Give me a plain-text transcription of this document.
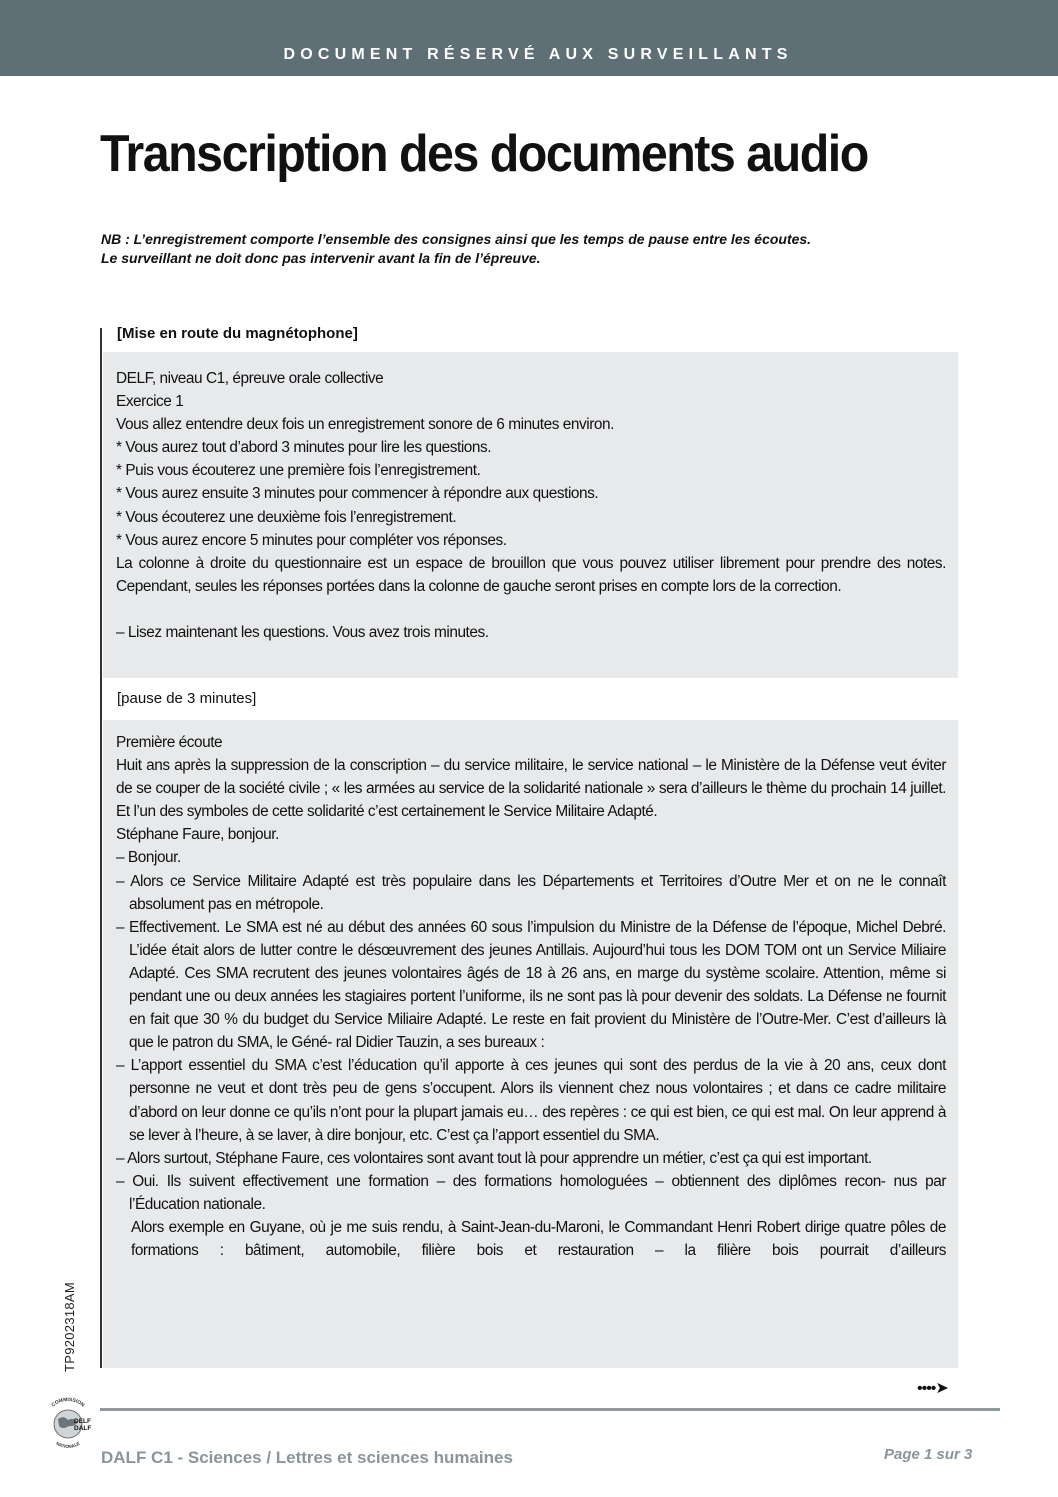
DOCUMENT RÉSERVÉ AUX SURVEILLANTS
Transcription des documents audio
NB : L’enregistrement comporte l’ensemble des consignes ainsi que les temps de pause entre les écoutes.
Le surveillant ne doit donc pas intervenir avant la fin de l’épreuve.
[Mise en route du magnétophone]
DELF, niveau C1, épreuve orale collective
Exercice 1
Vous allez entendre deux fois un enregistrement sonore de 6 minutes environ.
* Vous aurez tout d’abord 3 minutes pour lire les questions.
* Puis vous écouterez une première fois l’enregistrement.
* Vous aurez ensuite 3 minutes pour commencer à répondre aux questions.
* Vous écouterez une deuxième fois l’enregistrement.
* Vous aurez encore 5 minutes pour compléter vos réponses.
La colonne à droite du questionnaire est un espace de brouillon que vous pouvez utiliser librement pour prendre des notes. Cependant, seules les réponses portées dans la colonne de gauche seront prises en compte lors de la correction.
– Lisez maintenant les questions. Vous avez trois minutes.
[pause de 3 minutes]
Première écoute
Huit ans après la suppression de la conscription – du service militaire, le service national – le Ministère de la Défense veut éviter de se couper de la société civile ; « les armées au service de la solidarité nationale » sera d’ailleurs le thème du prochain 14 juillet. Et l’un des symboles de cette solidarité c’est certainement le Service Militaire Adapté.
Stéphane Faure, bonjour.
– Bonjour.
– Alors ce Service Militaire Adapté est très populaire dans les Départements et Territoires d’Outre Mer et on ne le connaît absolument pas en métropole.
– Effectivement. Le SMA est né au début des années 60 sous l’impulsion du Ministre de la Défense de l’époque, Michel Debré. L’idée était alors de lutter contre le désœuvrement des jeunes Antillais. Aujourd’hui tous les DOM TOM ont un Service Miliaire Adapté. Ces SMA recrutent des jeunes volontaires âgés de 18 à 26 ans, en marge du système scolaire. Attention, même si pendant une ou deux années les stagiaires portent l’uniforme, ils ne sont pas là pour devenir des soldats. La Défense ne fournit en fait que 30 % du budget du Service Miliaire Adapté. Le reste en fait provient du Ministère de l’Outre-Mer. C’est d’ailleurs là que le patron du SMA, le Géné- ral Didier Tauzin, a ses bureaux :
– L’apport essentiel du SMA c’est l’éducation qu’il apporte à ces jeunes qui sont des perdus de la vie à 20 ans, ceux dont personne ne veut et dont très peu de gens s’occupent. Alors ils viennent chez nous volontaires ; et dans ce cadre militaire d’abord on leur donne ce qu’ils n’ont pour la plupart jamais eu… des repères : ce qui est bien, ce qui est mal. On leur apprend à se lever à l’heure, à se laver, à dire bonjour, etc. C’est ça l’apport essentiel du SMA.
– Alors surtout, Stéphane Faure, ces volontaires sont avant tout là pour apprendre un métier, c’est ça qui est important.
– Oui. Ils suivent effectivement une formation – des formations homologuées – obtiennent des diplômes recon- nus par l’Éducation nationale.
Alors exemple en Guyane, où je me suis rendu, à Saint-Jean-du-Maroni, le Commandant Henri Robert dirige quatre pôles de formations : bâtiment, automobile, filière bois et restauration – la filière bois pourrait d’ailleurs
TP9202318AM
••••➤
COMMISSION
DELF
DALF
NATIONALE
DALF C1 - Sciences / Lettres et sciences humaines	Page 1 sur 3
